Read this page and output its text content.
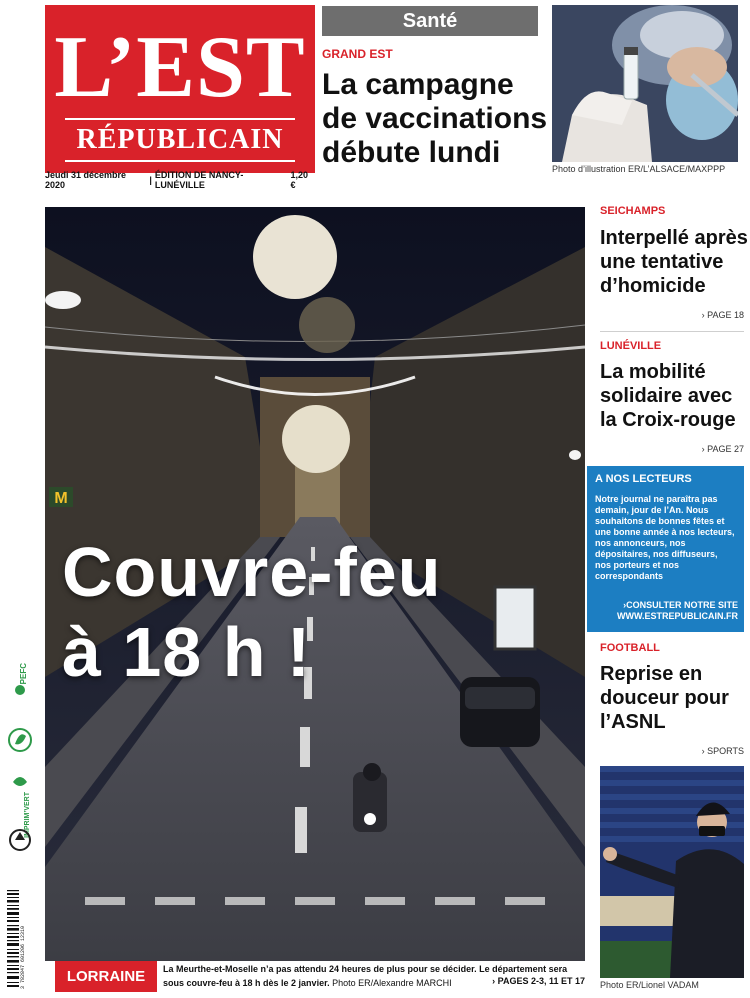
L’EST
RÉPUBLICAIN
Jeudi 31 décembre 2020	| ÉDITION DE NANCY-LUNÉVILLE
1,20 €
Santé
GRAND EST
La campagne de vaccinations débute lundi	Photo d’illustration ER/L’ALSACE/MAXPPP
M
Couvre-feu
à 18 h !
LORRAINE	La Meurthe-et-Moselle n’a pas attendu 24 heures de plus pour se décider. Le département sera sous couvre-feu à 18 h dès le 2 janvier. Photo ER/Alexandre MARCHI	› PAGES 2-3, 11 ET 17
SEICHAMPS
Interpellé après une tentative d’homicide
› PAGE 18
LUNÉVILLE
La mobilité solidaire avec la Croix-rouge
› PAGE 27
A NOS LECTEURS
Notre journal ne paraîtra pas demain, jour de l’An. Nous souhaitons de bonnes fêtes et une bonne année à nos lecteurs, nos annonceurs, nos dépositaires, nos diffuseurs, nos porteurs et nos correspondants
›CONSULTER NOTRE SITE
WWW.ESTREPUBLICAIN.FR
FOOTBALL
Reprise en douceur pour l’ASNL
› SPORTS
Photo ER/Lionel VADAM
PEFC
IMPRIM’VERT
3 782847 601206 12310
